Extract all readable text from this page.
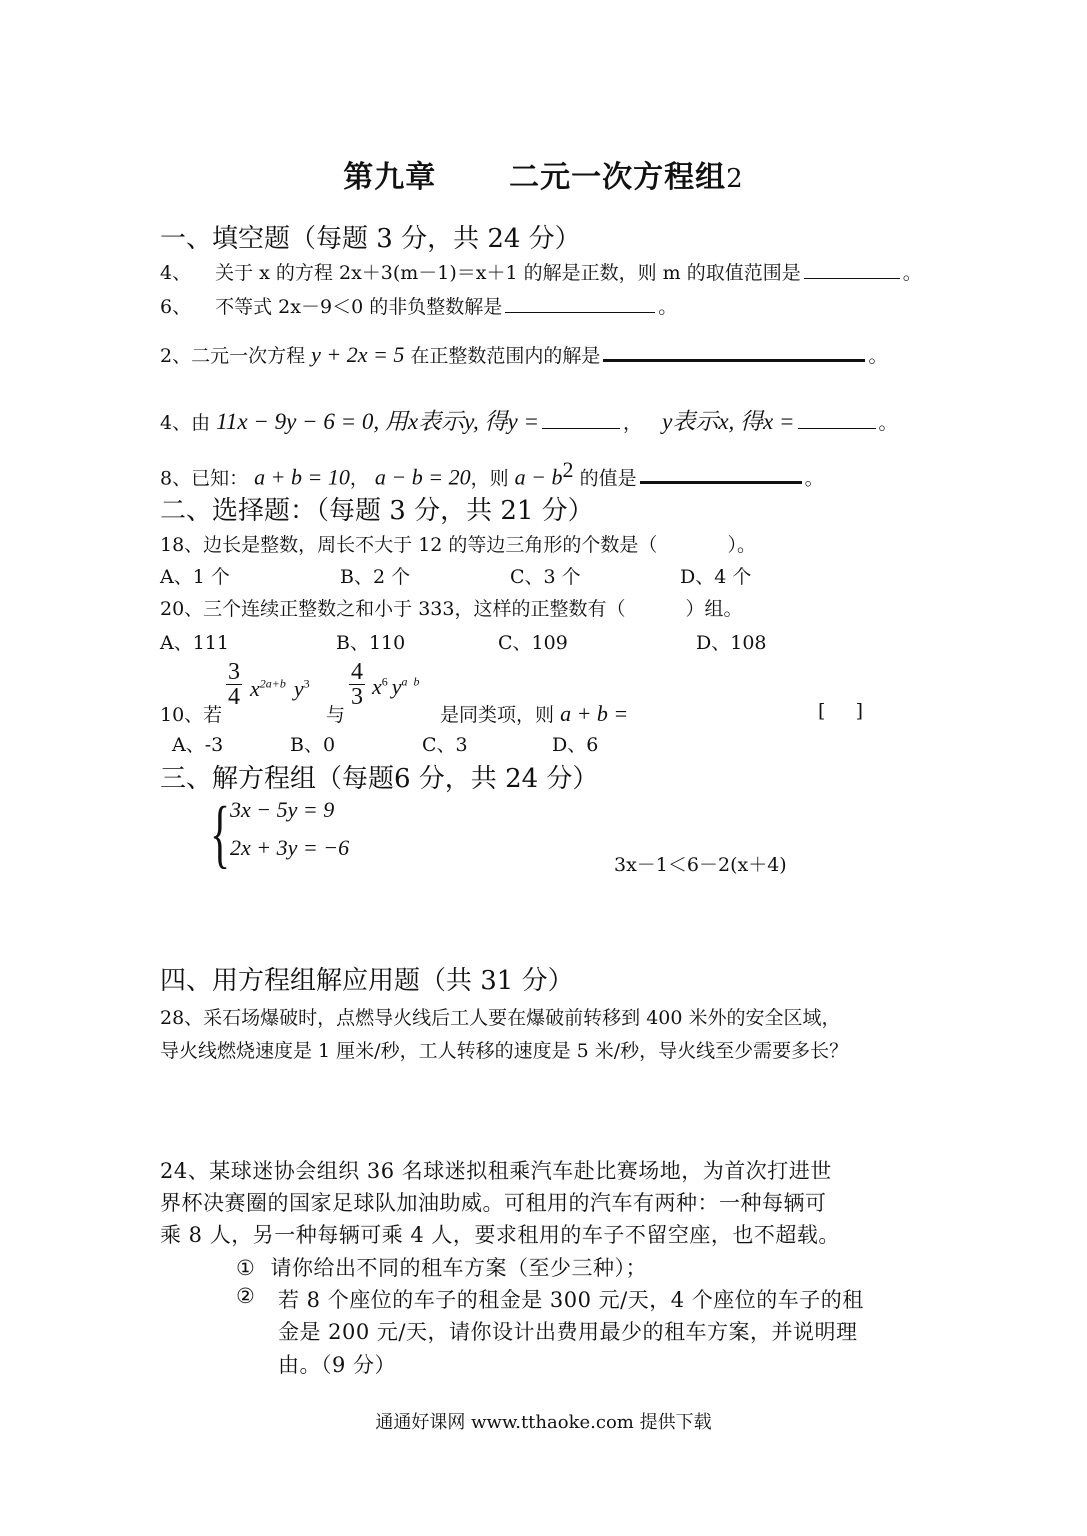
第九章 二元一次方程组2
一、填空题（每题 3 分，共 24 分）
4、 关于 x 的方程 2x＋3(m－1)＝x＋1 的解是正数，则 m 的取值范围是	。
6、 不等式 2x－9＜0 的非负整数解是	。
2、二元一次方程 y + 2x = 5 在正整数范围内的解是	。
4、由 11x − 9y − 6 = 0, 用x表示y, 得y =	， y表示x, 得x =	。
8、已知： a + b = 10， a − b = 20，则 $a - b^2$ 的值是	。
二、选择题：（每题 3 分，共 21 分）
18、边长是整数，周长不大于 12 的等边三角形的个数是（	）。
A、1 个	B、2 个	C、3 个	D、4 个
20、三个连续正整数之和小于 333，这样的正整数有（	）组。
A、111	B、110	C、109	D、108
$\frac{3}{4} x^{2a+b}$ $y^3 \frac{4}{3} x^6$ $y^{a b}$
10、若	与	是同类项，则 a + b =	[     ]
A、-3	B、0	C、3	D、6
三、解方程组（每题6 分，共 24 分）
{ 3x − 5y = 9
2x + 3y = −6
3x－1＜6－2(x＋4)
四、用方程组解应用题（共 31 分）
28、采石场爆破时，点燃导火线后工人要在爆破前转移到 400 米外的安全区域，
导火线燃烧速度是 1 厘米/秒，工人转移的速度是 5 米/秒，导火线至少需要多长？
24、某球迷协会组织 36 名球迷拟租乘汽车赴比赛场地，为首次打进世
界杯决赛圈的国家足球队加油助威。可租用的汽车有两种：一种每辆可
乘 8 人，另一种每辆可乘 4 人，要求租用的车子不留空座，也不超载。
① 请你给出不同的租车方案（至少三种）；
② 若 8 个座位的车子的租金是 300 元/天，4 个座位的车子的租
金是 200 元/天，请你设计出费用最少的租车方案，并说明理
由。（9 分）
通通好课网 www.tthaoke.com 提供下载
